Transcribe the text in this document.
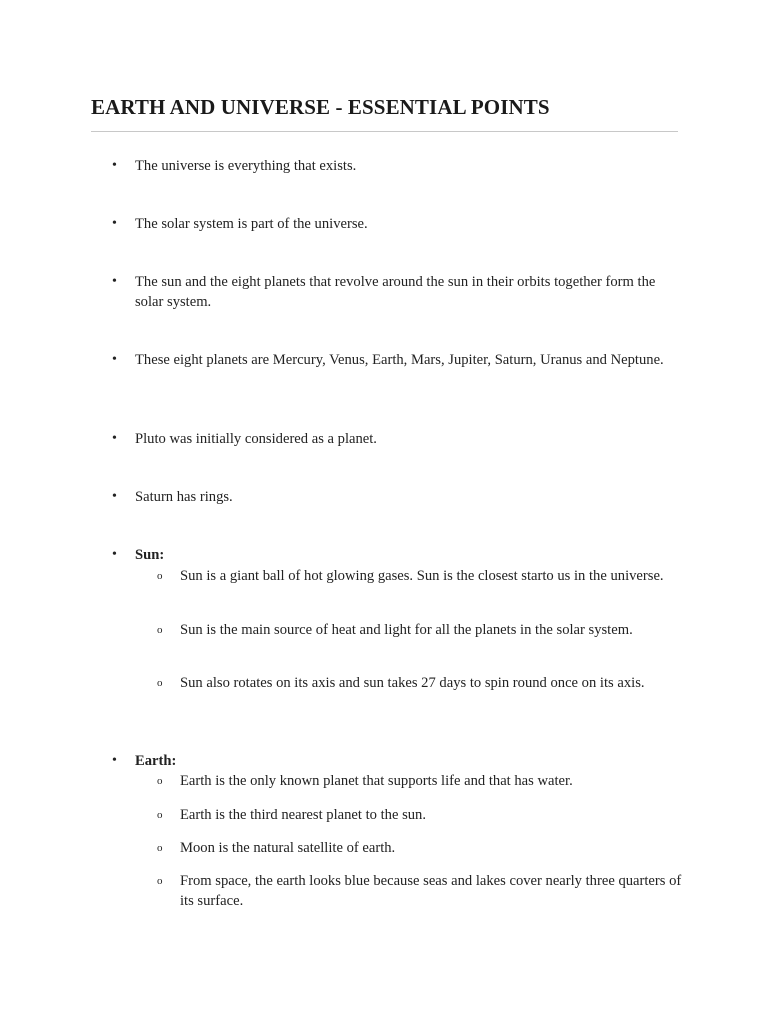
EARTH AND UNIVERSE - ESSENTIAL POINTS
• The universe is everything that exists.
• The solar system is part of the universe.
• The sun and the eight planets that revolve around the sun in their orbits together form the solar system.
• These eight planets are Mercury, Venus, Earth, Mars, Jupiter, Saturn, Uranus and Neptune.
• Pluto was initially considered as a planet.
• Saturn has rings.
• Sun:
o Sun is a giant ball of hot glowing gases. Sun is the closest starto us in the universe.
o Sun is the main source of heat and light for all the planets in the solar system.
o Sun also rotates on its axis and sun takes 27 days to spin round once on its axis.
• Earth:
o Earth is the only known planet that supports life and that has water.
o Earth is the third nearest planet to the sun.
o Moon is the natural satellite of earth.
o From space, the earth looks blue because seas and lakes cover nearly three quarters of its surface.
